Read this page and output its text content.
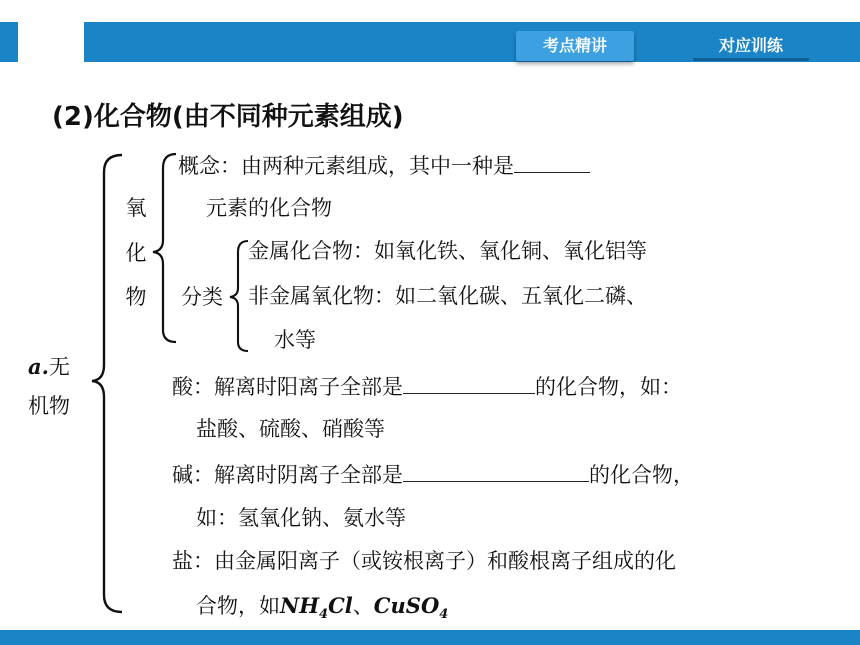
考点精讲	对应训练
(2)化合物(由不同种元素组成)
a.无
机物
氧
化
物
概念：由两种元素组成，其中一种是
元素的化合物
分类
金属化合物：如氧化铁、氧化铜、氧化铝等
非金属氧化物：如二氧化碳、五氧化二磷、
水等
酸：解离时阳离子全部是	的化合物，如：
盐酸、硫酸、硝酸等
碱：解离时阴离子全部是	的化合物，
如：氢氧化钠、氨水等
盐：由金属阳离子（或铵根离子）和酸根离子组成的化
合物，如$NH_4Cl$、CuSO$_4$
